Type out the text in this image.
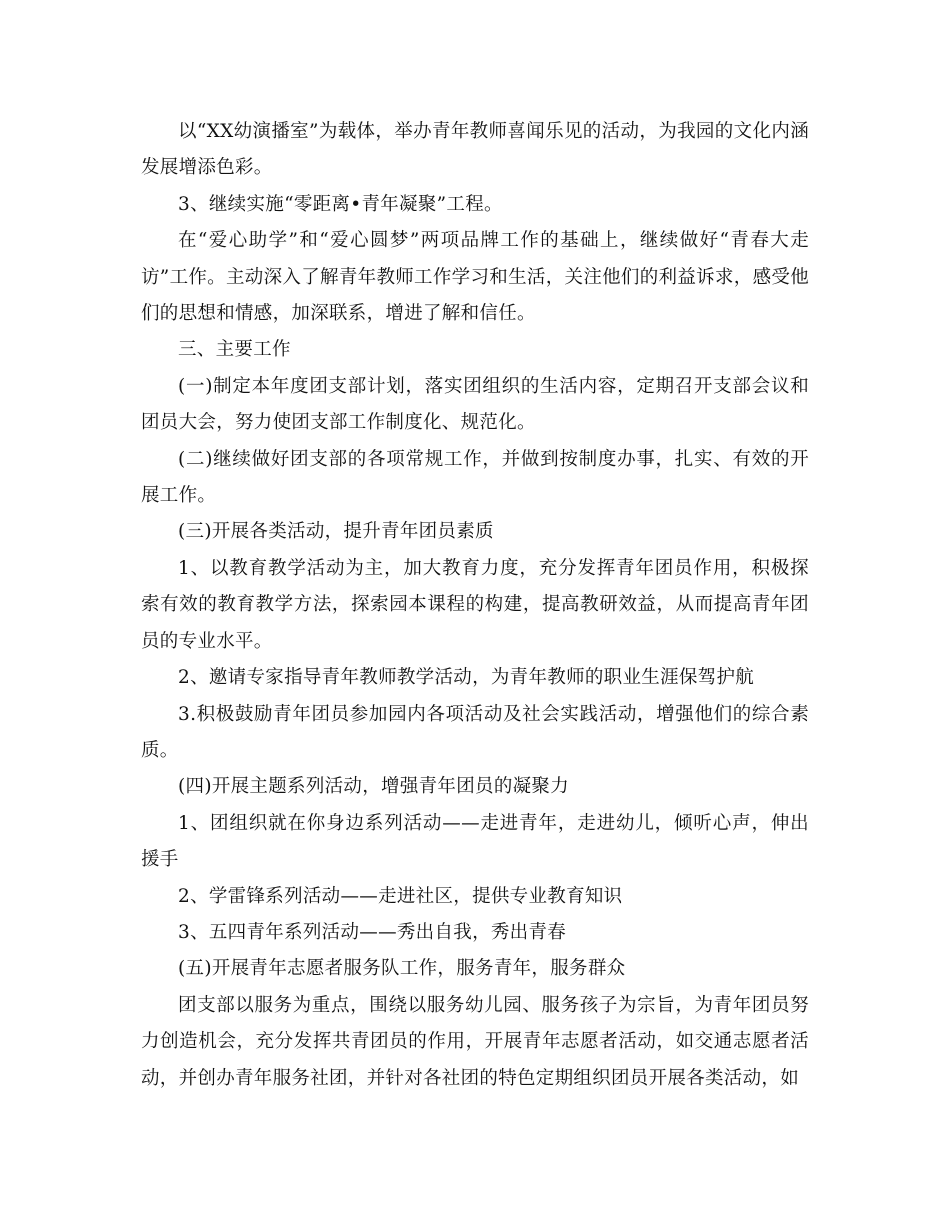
以“XX幼演播室”为载体，举办青年教师喜闻乐见的活动，为我园的文化内涵发展增添色彩。

3、继续实施“零距离•青年凝聚”工程。

在“爱心助学”和“爱心圆梦”两项品牌工作的基础上，继续做好“青春大走访”工作。主动深入了解青年教师工作学习和生活，关注他们的利益诉求，感受他们的思想和情感，加深联系，增进了解和信任。

三、主要工作

(一)制定本年度团支部计划，落实团组织的生活内容，定期召开支部会议和团员大会，努力使团支部工作制度化、规范化。

(二)继续做好团支部的各项常规工作，并做到按制度办事，扎实、有效的开展工作。

(三)开展各类活动，提升青年团员素质

1、以教育教学活动为主，加大教育力度，充分发挥青年团员作用，积极探索有效的教育教学方法，探索园本课程的构建，提高教研效益，从而提高青年团员的专业水平。

2、邀请专家指导青年教师教学活动，为青年教师的职业生涯保驾护航

3.积极鼓励青年团员参加园内各项活动及社会实践活动，增强他们的综合素质。

(四)开展主题系列活动，增强青年团员的凝聚力

1、团组织就在你身边系列活动——走进青年，走进幼儿，倾听心声，伸出援手

2、学雷锋系列活动——走进社区，提供专业教育知识

3、五四青年系列活动——秀出自我，秀出青春

(五)开展青年志愿者服务队工作，服务青年，服务群众

团支部以服务为重点，围绕以服务幼儿园、服务孩子为宗旨，为青年团员努力创造机会，充分发挥共青团员的作用，开展青年志愿者活动，如交通志愿者活动，并创办青年服务社团，并针对各社团的特色定期组织团员开展各类活动，如
